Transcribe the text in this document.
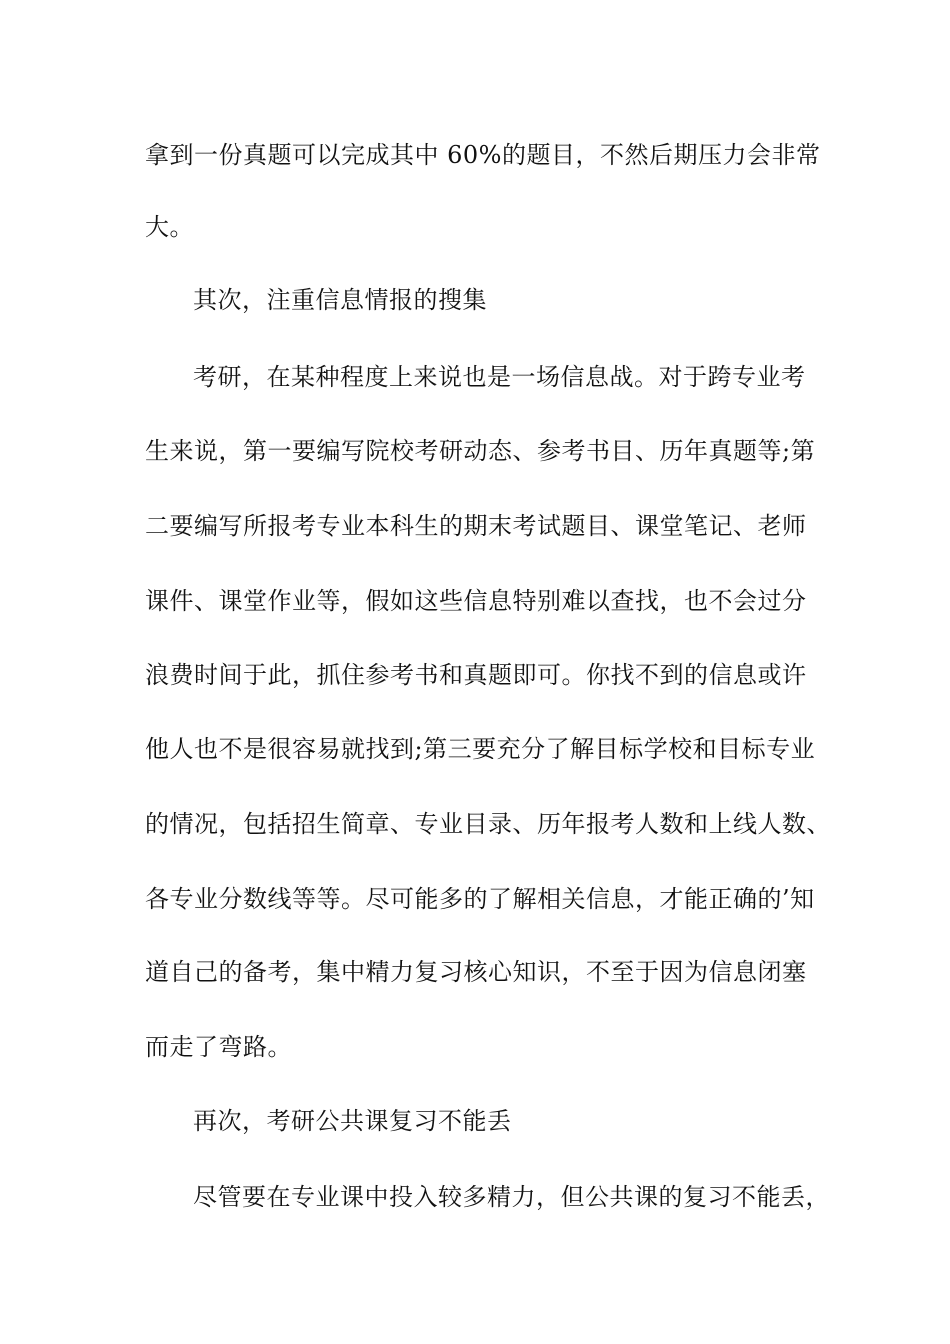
拿到一份真题可以完成其中 60%的题目，不然后期压力会非常
大。
其次，注重信息情报的搜集
考研，在某种程度上来说也是一场信息战。对于跨专业考
生来说，第一要编写院校考研动态、参考书目、历年真题等;第
二要编写所报考专业本科生的期末考试题目、课堂笔记、老师
课件、课堂作业等，假如这些信息特别难以查找，也不会过分
浪费时间于此，抓住参考书和真题即可。你找不到的信息或许
他人也不是很容易就找到;第三要充分了解目标学校和目标专业
的情况，包括招生简章、专业目录、历年报考人数和上线人数、
各专业分数线等等。尽可能多的了解相关信息，才能正确的’知
道自己的备考，集中精力复习核心知识，不至于因为信息闭塞
而走了弯路。
再次，考研公共课复习不能丢
尽管要在专业课中投入较多精力，但公共课的复习不能丢，
